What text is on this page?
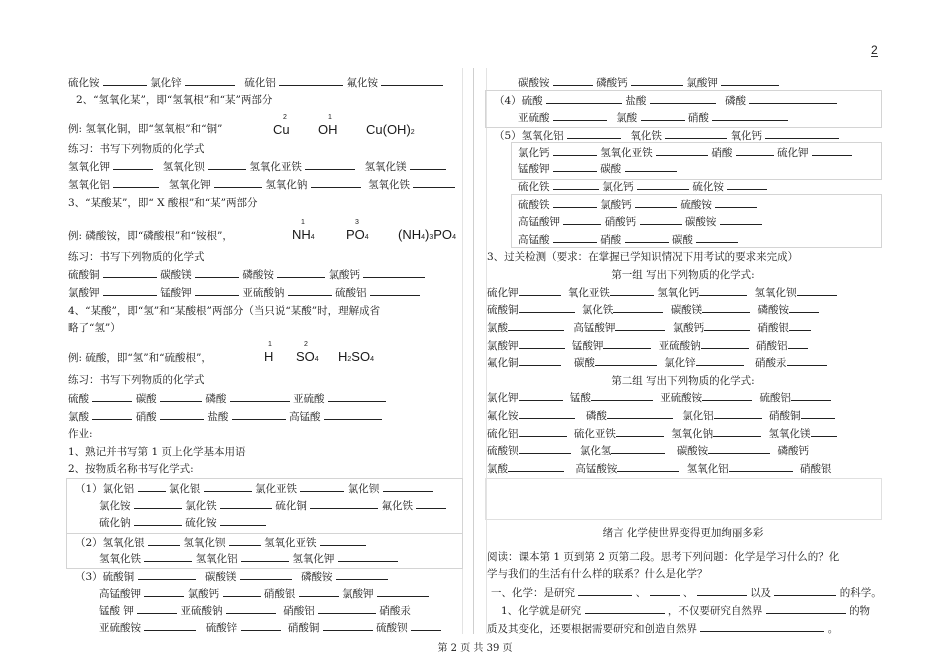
2
硫化铵	氯化锌	硫化铝	氟化铵
2、“氢氧化某”，即“氢氧根”和“某”两部分
例: 氢氧化铜，即“氢氧根”和“铜”
2
Cu
1
OH Cu(OH)2
练习：书写下列物质的化学式
氢氧化钾	氢氧化钡	氢氧化亚铁	氢氧化镁
氢氧化铝	氢氧化钾	氢氧化钠	氢氧化铁
3、“某酸某”，即“ X 酸根”和“某”两部分
例: 磷酸铵，即“磷酸根”和“铵根”，
1
NH4
3
PO4 (NH4)3PO4
练习：书写下列物质的化学式
硫酸铜	碳酸镁	磷酸铵	氯酸钙
氯酸钾	锰酸钾	亚硫酸钠	硫酸铝
4、“某酸”，即“氢”和“某酸根”两部分（当只说“某酸”时，理解成省
略了“氢”）
例: 硫酸，即“氢”和“硫酸根”，
1
H
2
SO4 H2SO4
练习：书写下列物质的化学式
硫酸	碳酸	磷酸	亚硫酸
氯酸	硝酸	盐酸	高锰酸
作业:
1、熟记并书写第 1 页上化学基本用语
2、按物质名称书写化学式:
（1）氯化铝	氯化银	氯化亚铁	氯化钡
氯化铵	氯化铁	硫化铜	氟化铁
硫化钠	硫化铵
（2）氢氧化银	氢氧化钡	氢氧化亚铁
氢氧化铁	氢氧化铝	氢氧化钾
（3）硫酸铜	碳酸镁	磷酸铵
高锰酸钾	氯酸钙	硝酸银	氯酸钾
锰酸 钾	亚硫酸钠	硝酸铝	硝酸汞
亚硫酸铵	硫酸锌	硝酸铜	硫酸钡
碳酸铵	磷酸钙	氯酸钾
（4）硫酸	盐酸	磷酸
亚硫酸	氯酸	硝酸
（5）氢氧化铝	氧化铁	氧化钙
氯化钙	氢氧化亚铁	硝酸	硫化钾
锰酸钾	碳酸
硫化铁	氯化钙	硫化铵
硫酸铁	氯酸钙	硫酸铵
高锰酸钾	硝酸钙	碳酸铵
高锰酸	硝酸	碳酸
3、过关检测（要求：在掌握已学知识情况下用考试的要求来完成）
第一组 写出下列物质的化学式:
硫化钾	氧化亚铁	氢氧化钙	氢氧化钡
硫酸铜	氯化铁	碳酸镁	磷酸铵
氯酸	高锰酸钾	氯酸钙	硝酸银
氯酸钾	锰酸钾	亚硫酸钠	硝酸铝
氟化铜	碳酸	氯化锌	硝酸汞
第二组 写出下列物质的化学式:
氯化钾	锰酸	亚硫酸铵	硫酸铝
氟化铵	磷酸	氯化铝	硝酸铜
硫化铝	硫化亚铁	氢氧化钠	氢氧化镁
硫酸钡	氯化氢	碳酸铵	磷酸钙
氯酸	高锰酸铵	氢氧化铝	硝酸银
绪言 化学使世界变得更加绚丽多彩
阅读：课本第 1 页到第 2 页第二段。思考下列问题：化学是学习什么的？化
学与我们的生活有什么样的联系？什么是化学？
一、化学：是研究	、	、	以及	的科学。
1、化学就是研究	，不仅要研究自然界	的物
质及其变化，还要根据需要研究和创造自然界	。
第 2 页 共 39 页
